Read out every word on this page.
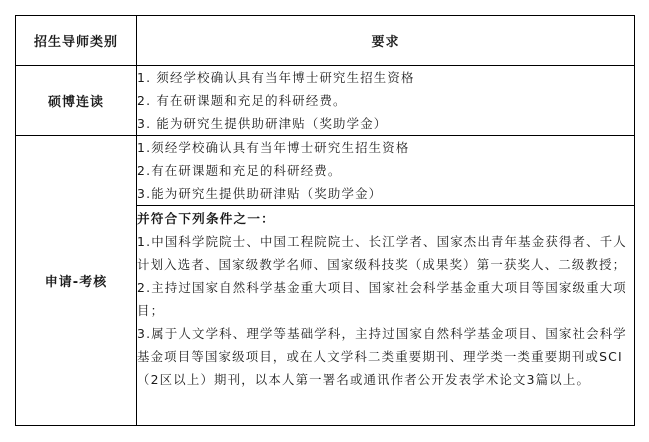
招生导师类别	要求
硕博连读	1. 须经学校确认具有当年博士研究生招生资格

2. 有在研课题和充足的科研经费。

3. 能为研究生提供助研津贴（奖助学金）

申请-考核	1.须经学校确认具有当年博士研究生招生资格

2.有在研课题和充足的科研经费。

3.能为研究生提供助研津贴（奖助学金）

	并符合下列条件之一：

1.中国科学院院士、中国工程院院士、长江学者、国家杰出青年基金获得者、千人计划入选者、国家级教学名师、国家级科技奖（成果奖）第一获奖人、二级教授；

2.主持过国家自然科学基金重大项目、国家社会科学基金重大项目等国家级重大项目；

3.属于人文学科、理学等基础学科，主持过国家自然科学基金项目、国家社会科学基金项目等国家级项目，或在人文学科二类重要期刊、理学类一类重要期刊或SCI（2区以上）期刊，以本人第一署名或通讯作者公开发表学术论文3篇以上。
